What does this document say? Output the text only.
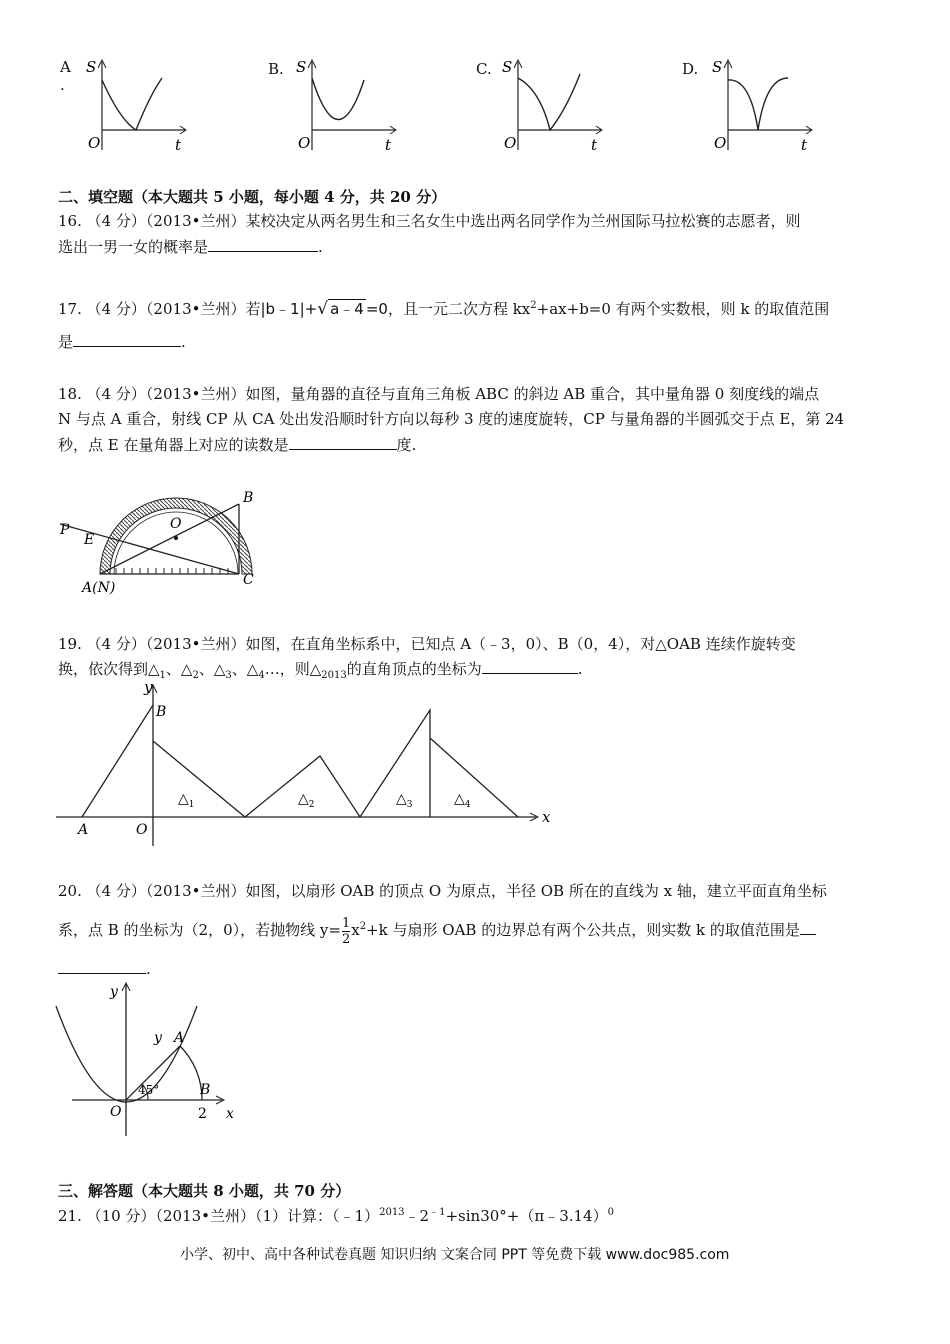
A
.
B.	C.	D.
S
O	t
S
O	t
S
O	t
S
O	t
二、填空题（本大题共 5 小题，每小题 4 分，共 20 分）
16. （4 分）（2013•兰州）某校决定从两名男生和三名女生中选出两名同学作为兰州国际马拉松赛的志愿者，则
选出一男一女的概率是	.
17. （4 分）（2013•兰州）若|b﹣1|+√ a﹣4 =0，且一元二次方程 $kx^2+ax+b=0$ 有两个实数根，则 k 的取值范围
是	.
18. （4 分）（2013•兰州）如图，量角器的直径与直角三角板 ABC 的斜边 AB 重合，其中量角器 0 刻度线的端点
N 与点 A 重合，射线 CP 从 CA 处出发沿顺时针方向以每秒 3 度的速度旋转，CP 与量角器的半圆弧交于点 E，第 24
秒，点 E 在量角器上对应的读数是	度.
P
E
O
B
C
A(N)
19. （4 分）（2013•兰州）如图，在直角坐标系中，已知点 A（﹣3，0）、B（0，4），对△OAB 连续作旋转变
换，依次得到$\triangle_1$、$\triangle_2$、$\triangle_3$、$\triangle_4\dots$，则$\triangle_{2013}$的直角顶点的坐标为	.
y
x
B
A	O
$\triangle_1$	$\triangle_2$	$\triangle_3$	$\triangle_4$
20. （4 分）（2013•兰州）如图，以扇形 OAB 的顶点 O 为原点，半径 OB 所在的直线为 x 轴，建立平面直角坐标
系，点 B 的坐标为（2，0），若抛物线 $y= \frac{1}{2} x^2+k$ 与扇形 OAB 的边界总有两个公共点，则实数 k 的取值范围是
.
y
y
A
B
O	2 x
45°
三、解答题（本大题共 8 小题，共 70 分）
21. （10 分）（2013•兰州）（1）计算：$(﹣1)^{2013}﹣2^{﹣1}+\sin 30^\circ+(\pi﹣3.14)^0$
小学、初中、高中各种试卷真题 知识归纳 文案合同 PPT 等免费下载 www.doc985.com
